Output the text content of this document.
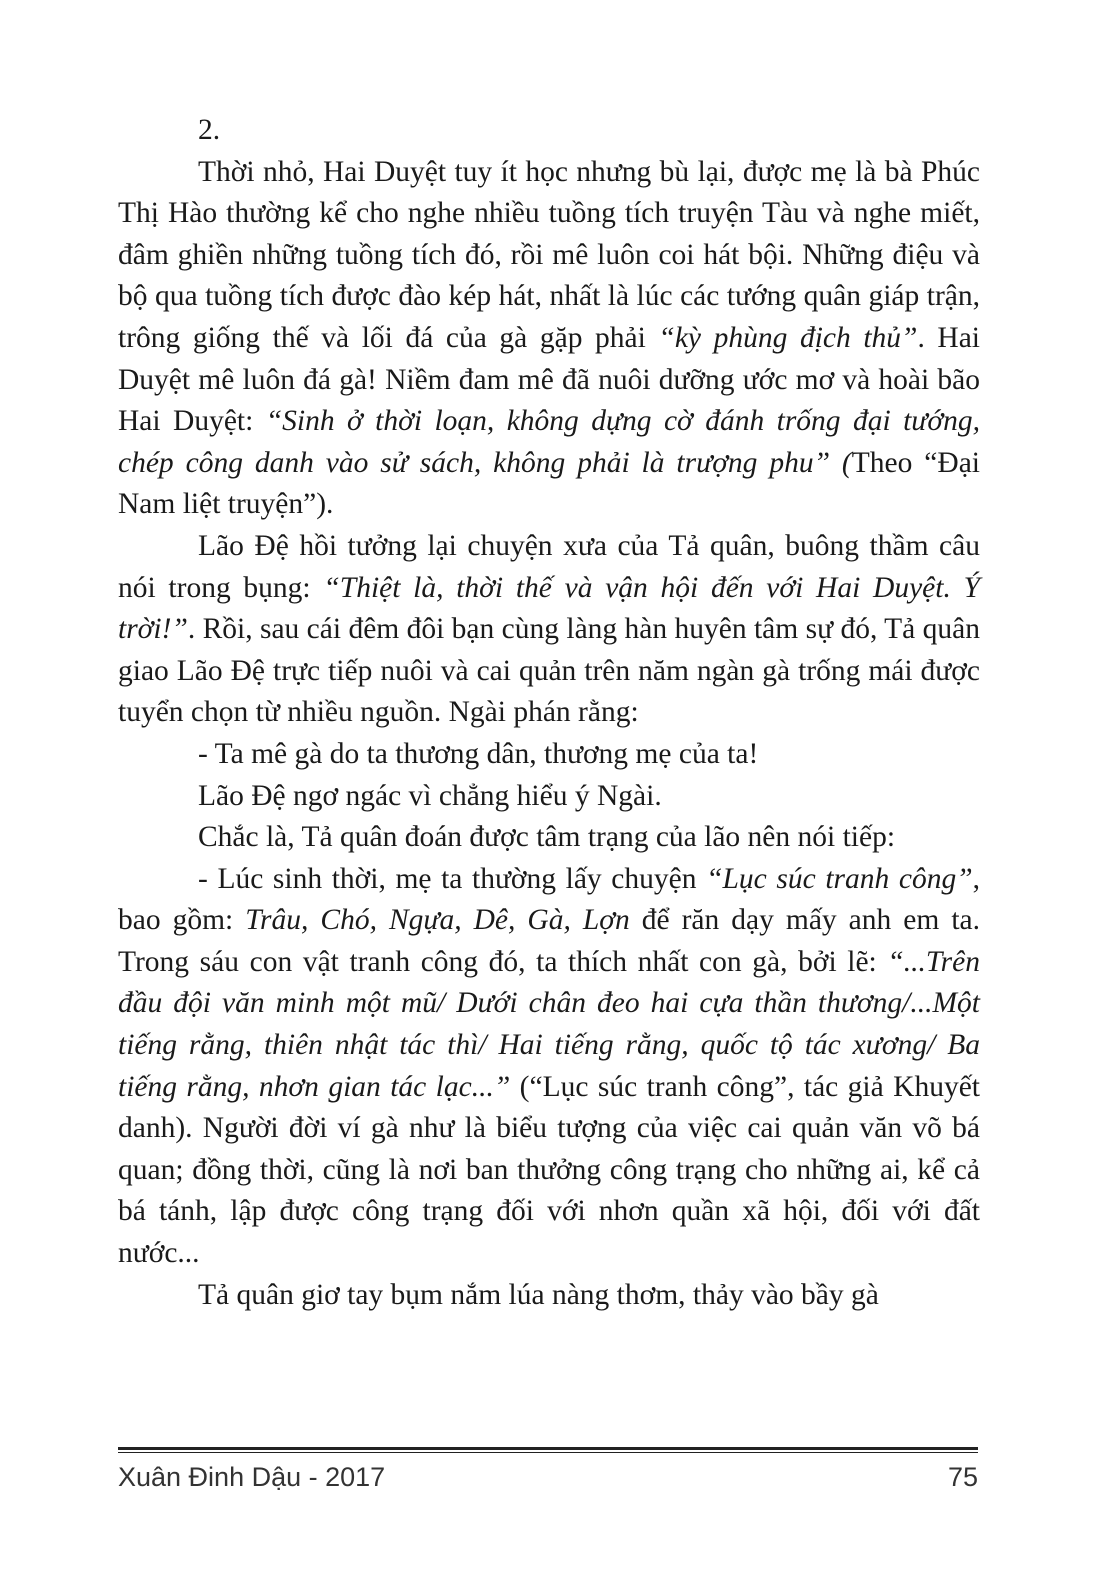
2.

Thời nhỏ, Hai Duyệt tuy ít học nhưng bù lại, được mẹ là bà Phúc Thị Hào thường kể cho nghe nhiều tuồng tích truyện Tàu và nghe miết, đâm ghiền những tuồng tích đó, rồi mê luôn coi hát bội. Những điệu và bộ qua tuồng tích được đào kép hát, nhất là lúc các tướng quân giáp trận, trông giống thế và lối đá của gà gặp phải “kỳ phùng địch thủ”. Hai Duyệt mê luôn đá gà! Niềm đam mê đã nuôi dưỡng ước mơ và hoài bão Hai Duyệt: “Sinh ở thời loạn, không dựng cờ đánh trống đại tướng, chép công danh vào sử sách, không phải là trượng phu” (Theo “Đại Nam liệt truyện”).

Lão Đệ hồi tưởng lại chuyện xưa của Tả quân, buông thầm câu nói trong bụng: “Thiệt là, thời thế và vận hội đến với Hai Duyệt. Ý trời!”. Rồi, sau cái đêm đôi bạn cùng làng hàn huyên tâm sự đó, Tả quân giao Lão Đệ trực tiếp nuôi và cai quản trên năm ngàn gà trống mái được tuyển chọn từ nhiều nguồn. Ngài phán rằng:

- Ta mê gà do ta thương dân, thương mẹ của ta!

Lão Đệ ngơ ngác vì chẳng hiểu ý Ngài.

Chắc là, Tả quân đoán được tâm trạng của lão nên nói tiếp:

- Lúc sinh thời, mẹ ta thường lấy chuyện “Lục súc tranh công”, bao gồm: Trâu, Chó, Ngựa, Dê, Gà, Lợn để răn dạy mấy anh em ta. Trong sáu con vật tranh công đó, ta thích nhất con gà, bởi lẽ: “...Trên đầu đội văn minh một mũ/ Dưới chân đeo hai cựa thần thương/...Một tiếng rằng, thiên nhật tác thì/ Hai tiếng rằng, quốc tộ tác xương/ Ba tiếng rằng, nhơn gian tác lạc...” (“Lục súc tranh công”, tác giả Khuyết danh). Người đời ví gà như là biểu tượng của việc cai quản văn võ bá quan; đồng thời, cũng là nơi ban thưởng công trạng cho những ai, kể cả bá tánh, lập được công trạng đối với nhơn quần xã hội, đối với đất nước...

Tả quân giơ tay bụm nắm lúa nàng thơm, thảy vào bầy gà

Xuân Đinh Dậu - 2017	75
